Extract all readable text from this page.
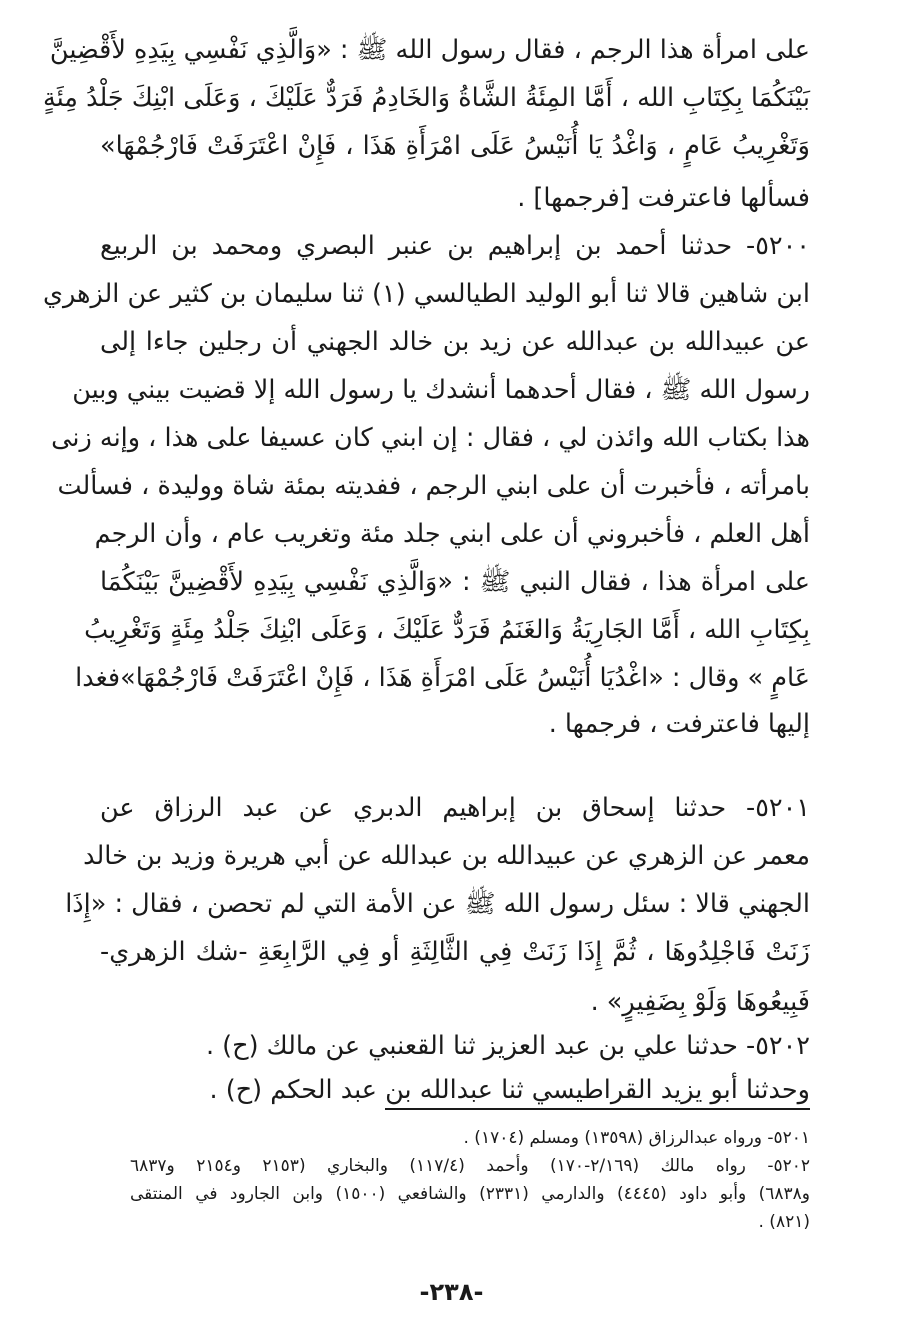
على امرأة هذا الرجم ، فقال رسول الله ﷺ : «وَالَّذِي نَفْسِي بِيَدِهِ لأَقْضِينَّ
بَيْنَكُمَا بِكِتَابِ الله ، أَمَّا المِئَةُ الشَّاةُ وَالخَادِمُ فَرَدٌّ عَلَيْكَ ، وَعَلَى ابْنِكَ جَلْدُ مِئَةٍ
وَتَغْرِيبُ عَامٍ ، وَاغْدُ يَا أُنَيْسُ عَلَى امْرَأَةِ هَذَا ، فَإِنْ اعْتَرَفَتْ فَارْجُمْهَا»
فسألها فاعترفت [فرجمها] .
٥٢٠٠- حدثنا أحمد بن إبراهيم بن عنبر البصري ومحمد بن الربيع
ابن شاهين قالا ثنا أبو الوليد الطيالسي (١) ثنا سليمان بن كثير عن الزهري
عن عبيدالله بن عبدالله عن زيد بن خالد الجهني أن رجلين جاءا إلى
رسول الله ﷺ ، فقال أحدهما أنشدك يا رسول الله إلا قضيت بيني وبين
هذا بكتاب الله وائذن لي ، فقال : إن ابني كان عسيفا على هذا ، وإنه زنى
بامرأته ، فأخبرت أن على ابني الرجم ، ففديته بمئة شاة ووليدة ، فسألت
أهل العلم ، فأخبروني أن على ابني جلد مئة وتغريب عام ، وأن الرجم
على امرأة هذا ، فقال النبي ﷺ : «وَالَّذِي نَفْسِي بِيَدِهِ لأَقْضِينَّ بَيْنَكُمَا
بِكِتَابِ الله ، أَمَّا الجَارِيَةُ وَالغَنَمُ فَرَدٌّ عَلَيْكَ ، وَعَلَى ابْنِكَ جَلْدُ مِئَةٍ وَتَغْرِيبُ
عَامٍ » وقال : «اغْدُيَا أُنَيْسُ عَلَى امْرَأَةِ هَذَا ، فَإِنْ اعْتَرَفَتْ فَارْجُمْهَا»فغدا
إليها فاعترفت ، فرجمها .
٥٢٠١- حدثنا إسحاق بن إبراهيم الدبري عن عبد الرزاق عن
معمر عن الزهري عن عبيدالله بن عبدالله عن أبي هريرة وزيد بن خالد
الجهني قالا : سئل رسول الله ﷺ عن الأمة التي لم تحصن ، فقال : «إِذَا
زَنَتْ فَاجْلِدُوهَا ، ثُمَّ إِذَا زَنَتْ فِي الثَّالِثَةِ أو فِي الرَّابِعَةِ -شك الزهري-
فَبِيعُوهَا وَلَوْ بِضَفِيرٍ» .
٥٢٠٢- حدثنا علي بن عبد العزيز ثنا القعنبي عن مالك (ح) .
وحدثنا أبو يزيد القراطيسي ثنا عبدالله بن عبد الحكم (ح) .
٥٢٠١- ورواه عبدالرزاق (١٣٥٩٨) ومسلم (١٧٠٤) .
٥٢٠٢- رواه مالك (٢/١٦٩-١٧٠) وأحمد (١١٧/٤) والبخاري (٢١٥٣ و٢١٥٤ و٦٨٣٧
و٦٨٣٨) وأبو داود (٤٤٤٥) والدارمي (٢٣٣١) والشافعي (١٥٠٠) وابن الجارود في المنتقى
(٨٢١) .
-٢٣٨-
